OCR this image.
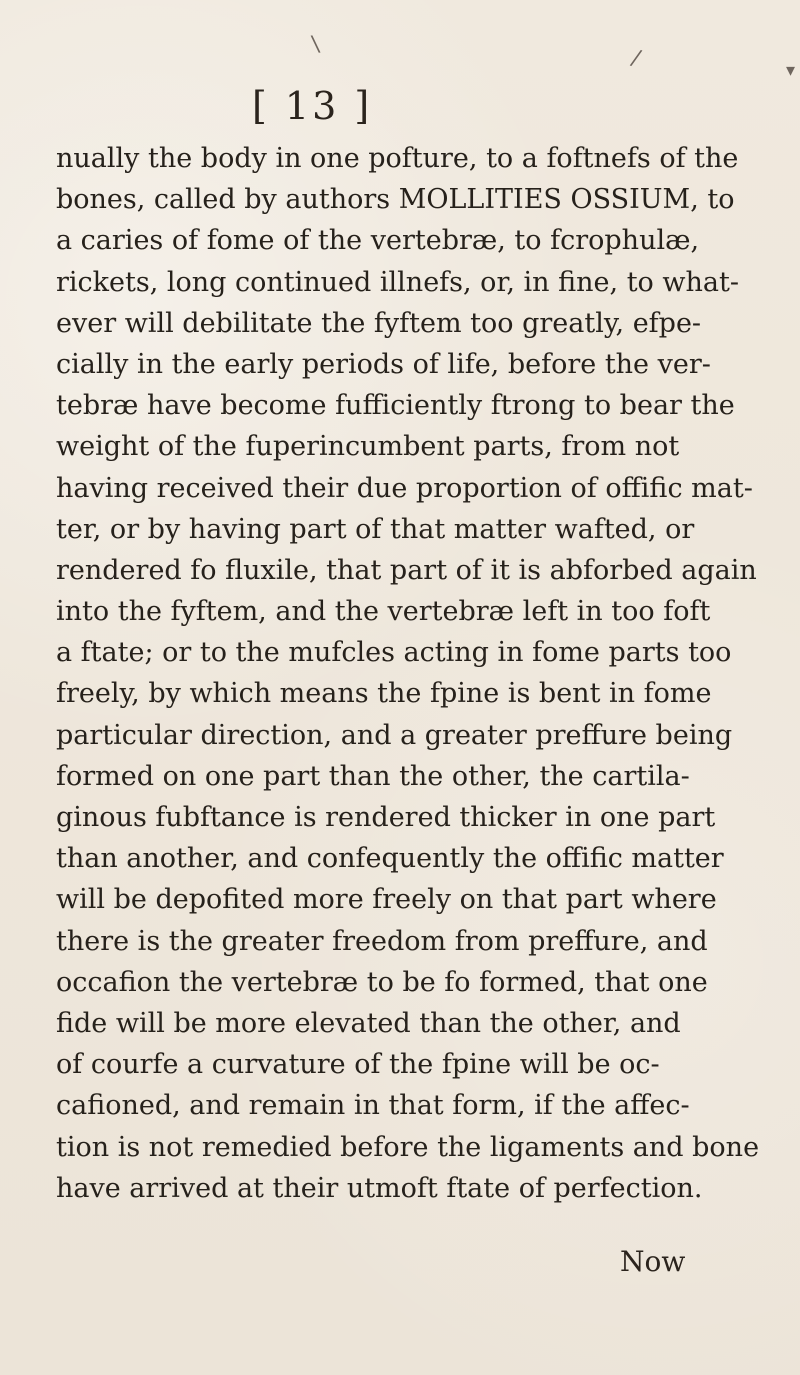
\
/	▾
[ 13 ]
nually the body in one pofture, to a foftnefs of the
bones, called by authors MOLLITIES OSSIUM, to
a caries of fome of the vertebræ, to fcrophulæ,
rickets, long continued illnefs, or, in fine, to what-
ever will debilitate the fyftem too greatly, efpe-
cially in the early periods of life, before the ver-
tebræ have become fufficiently ftrong to bear the
weight of the fuperincumbent parts, from not
having received their due proportion of offific mat-
ter, or by having part of that matter wafted, or
rendered fo fluxile, that part of it is abforbed again
into the fyftem, and the vertebræ left in too foft
a ftate; or to the mufcles acting in fome parts too
freely, by which means the fpine is bent in fome
particular direction, and a greater preffure being
formed on one part than the other, the cartila-
ginous fubftance is rendered thicker in one part
than another, and confequently the offific matter
will be depofited more freely on that part where
there is the greater freedom from preffure, and
occafion the vertebræ to be fo formed, that one
fide will be more elevated than the other, and
of courfe a curvature of the fpine will be oc-
cafioned, and remain in that form, if the affec-
tion is not remedied before the ligaments and bone
have arrived at their utmoft ftate of perfection.
Now
